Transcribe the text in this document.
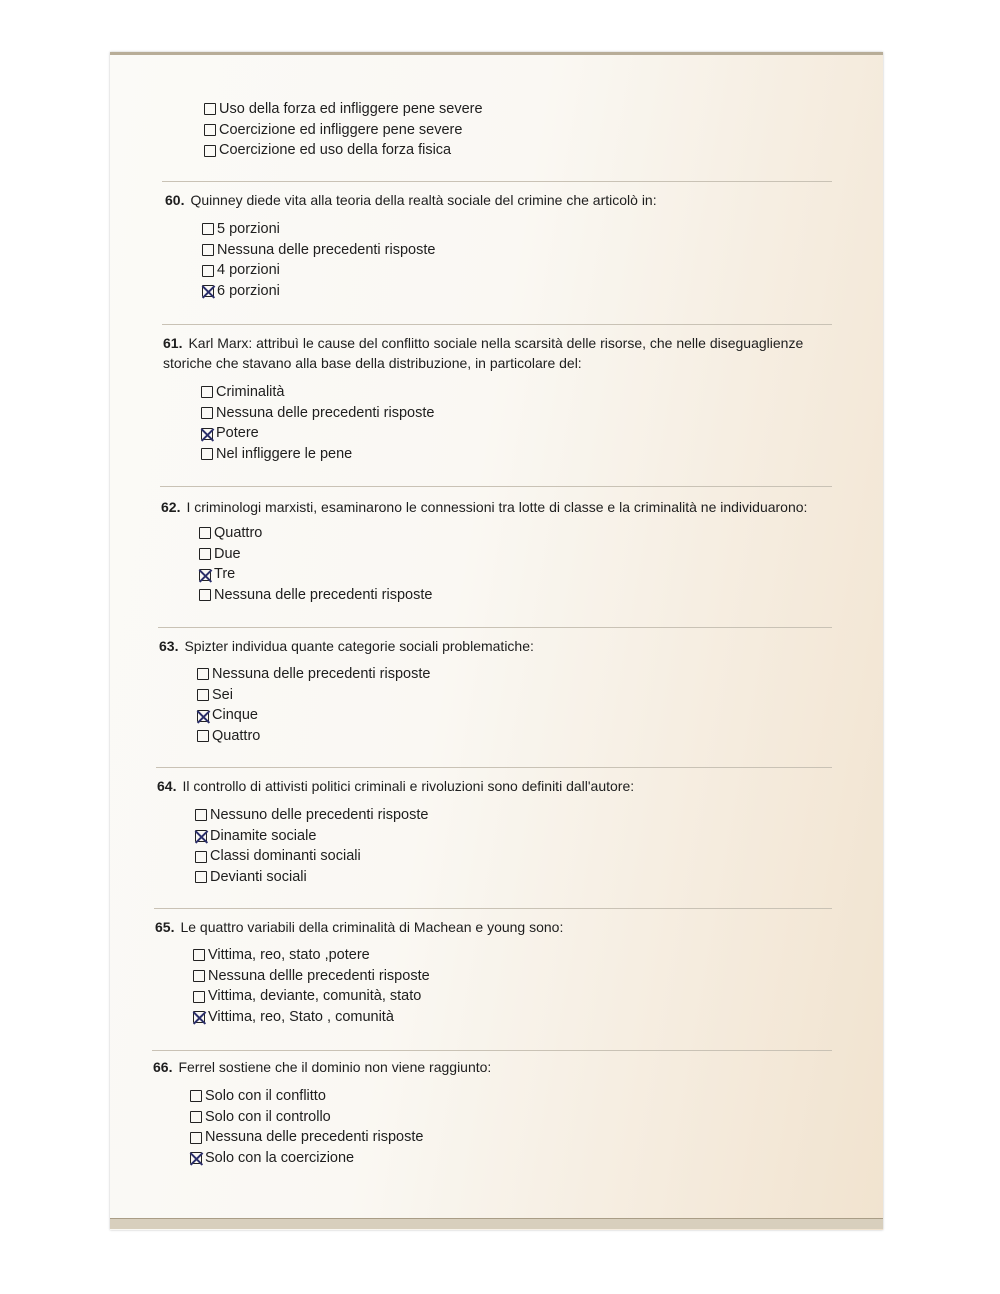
Uso della forza ed infliggere pene severe
Coercizione ed infliggere pene severe
Coercizione ed uso della forza fisica
60. Quinney diede vita alla teoria della realtà sociale del crimine che articolò in:
5 porzioni
Nessuna delle precedenti risposte
4 porzioni
6 porzioni
61. Karl Marx: attribuì le cause del conflitto sociale nella scarsità delle risorse, che nelle diseguaglienze
storiche che stavano alla base della distribuzione, in particolare del:
Criminalità
Nessuna delle precedenti risposte
Potere
Nel infliggere le pene
62. I criminologi marxisti, esaminarono le connessioni tra lotte di classe e la criminalità ne individuarono:
Quattro
Due
Tre
Nessuna delle precedenti risposte
63. Spizter individua quante categorie sociali problematiche:
Nessuna delle precedenti risposte
Sei
Cinque
Quattro
64. Il controllo di attivisti politici criminali e rivoluzioni sono definiti dall'autore:
Nessuno delle precedenti risposte
Dinamite sociale
Classi dominanti sociali
Devianti sociali
65. Le quattro variabili della criminalità di Machean e young sono:
Vittima, reo, stato ,potere
Nessuna dellle precedenti risposte
Vittima, deviante, comunità, stato
Vittima, reo, Stato , comunità
66. Ferrel sostiene che il dominio non viene raggiunto:
Solo con il conflitto
Solo con il controllo
Nessuna delle precedenti risposte
Solo con la coercizione
